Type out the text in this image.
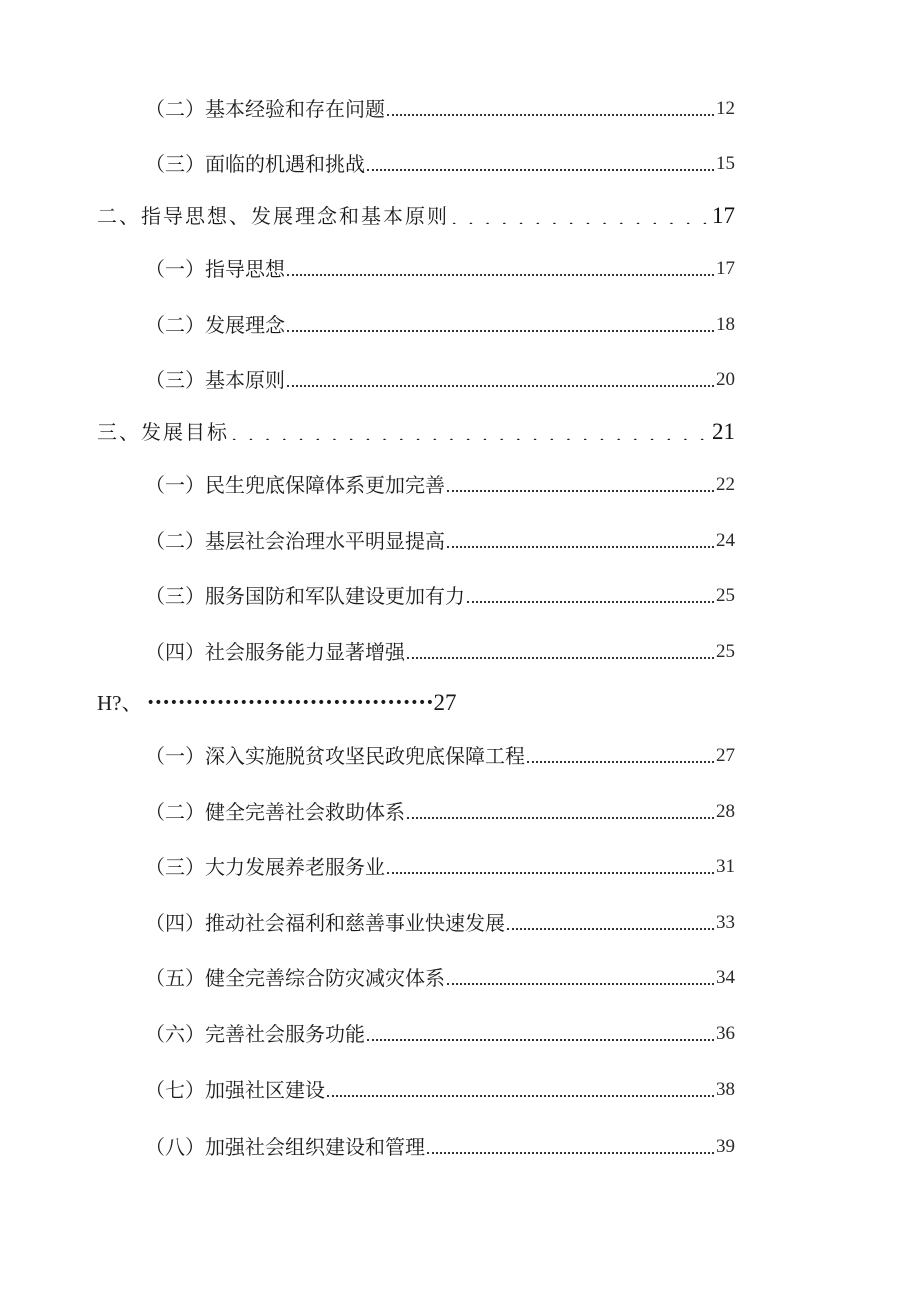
（二）基本经验和存在问题	12
（三）面临的机遇和挑战	15
二、指导思想、发展理念和基本原则 . . .	17
（一）指导思想	17
（二）发展理念	18
（三）基本原则	20
三、发展目标 . . .	21
（一）民生兜底保障体系更加完善	22
（二）基层社会治理水平明显提高	24
（三）服务国防和军队建设更加有力	25
（四）社会服务能力显著增强	25
H?、 ••••••••••••••••••••••••••••••••••••• 27
（一）深入实施脱贫攻坚民政兜底保障工程	27
（二）健全完善社会救助体系	28
（三）大力发展养老服务业	31
（四）推动社会福利和慈善事业快速发展	33
（五）健全完善综合防灾减灾体系	34
（六）完善社会服务功能	36
（七）加强社区建设	38
（八）加强社会组织建设和管理	39
